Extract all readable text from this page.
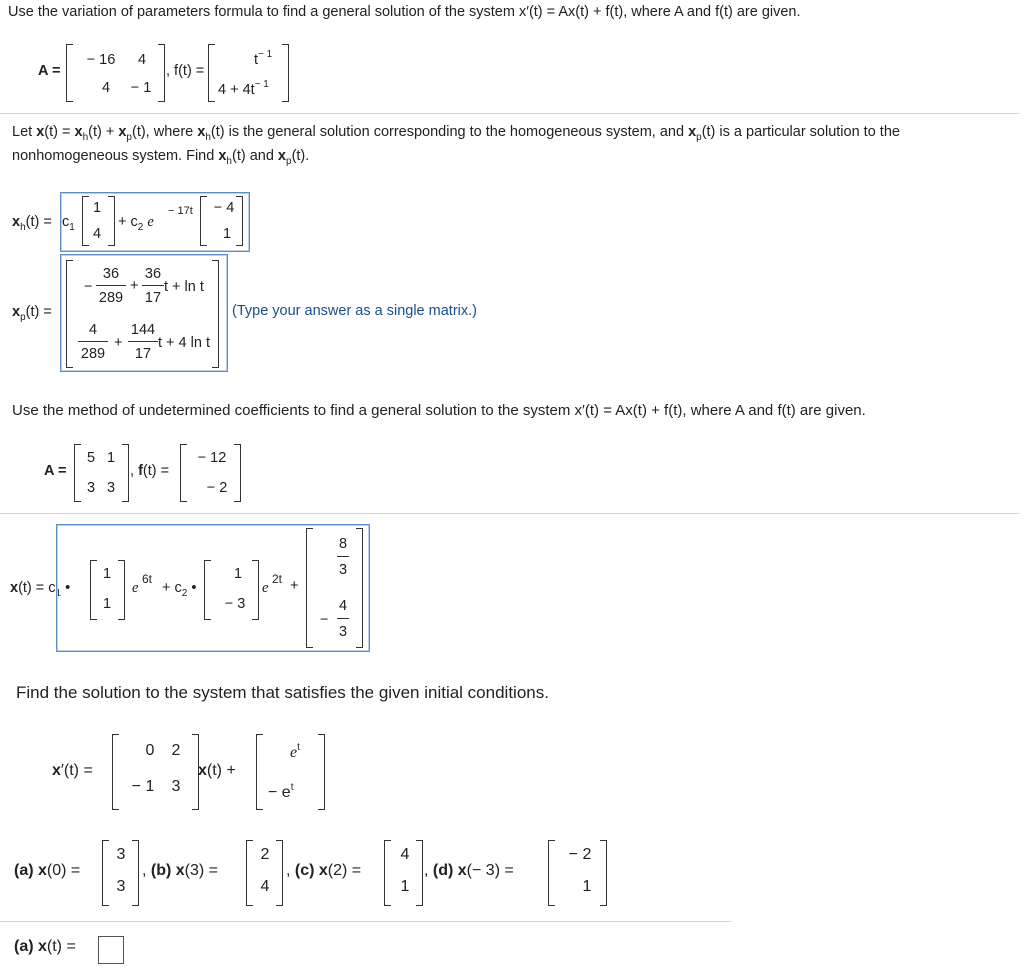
Use the variation of parameters formula to find a general solution of the system x′(t) = Ax(t) + f(t), where A and f(t) are given.
A =
− 16	4
4	− 1
, f(t) =
$t^{- 1}$
$4 + 4t^{- 1}$
Let $x(t) = x_h(t) + x_p(t)$, where $x_h(t)$ is the general solution corresponding to the homogeneous system, and $x_p(t)$ is a particular solution to the
nonhomogeneous system. Find $x_h(t)$ and $x_p(t)$.
$x_h(t) = c_1$
1
4
+ $c_2$ e
− 17t − 4
1
$x_p(t)$ =
−
36
289
+
36
17
t + ln t
4
289
+
144
17
t + 4 ln t
(Type your answer as a single matrix.)
Use the method of undetermined coefficients to find a general solution to the system x′(t) = Ax(t) + f(t), where A and f(t) are given.
A =
5 1
3 3
, f(t) =
− 12
− 2
$x(t) = c_1$ •
1
1
e
6t
+ $c_2$ •
1
− 3
e
2t +
8
3
−
4
3
Find the solution to the system that satisfies the given initial conditions.
x′(t) =
0	2
− 1	3
x(t) +
$e^t$
− $e^t$
(a) x(0) =
3
3
, (b) x(3) =
2
4
, (c) x(2) =
4
1
, (d) x(− 3) =
− 2
1
(a) x(t) =
